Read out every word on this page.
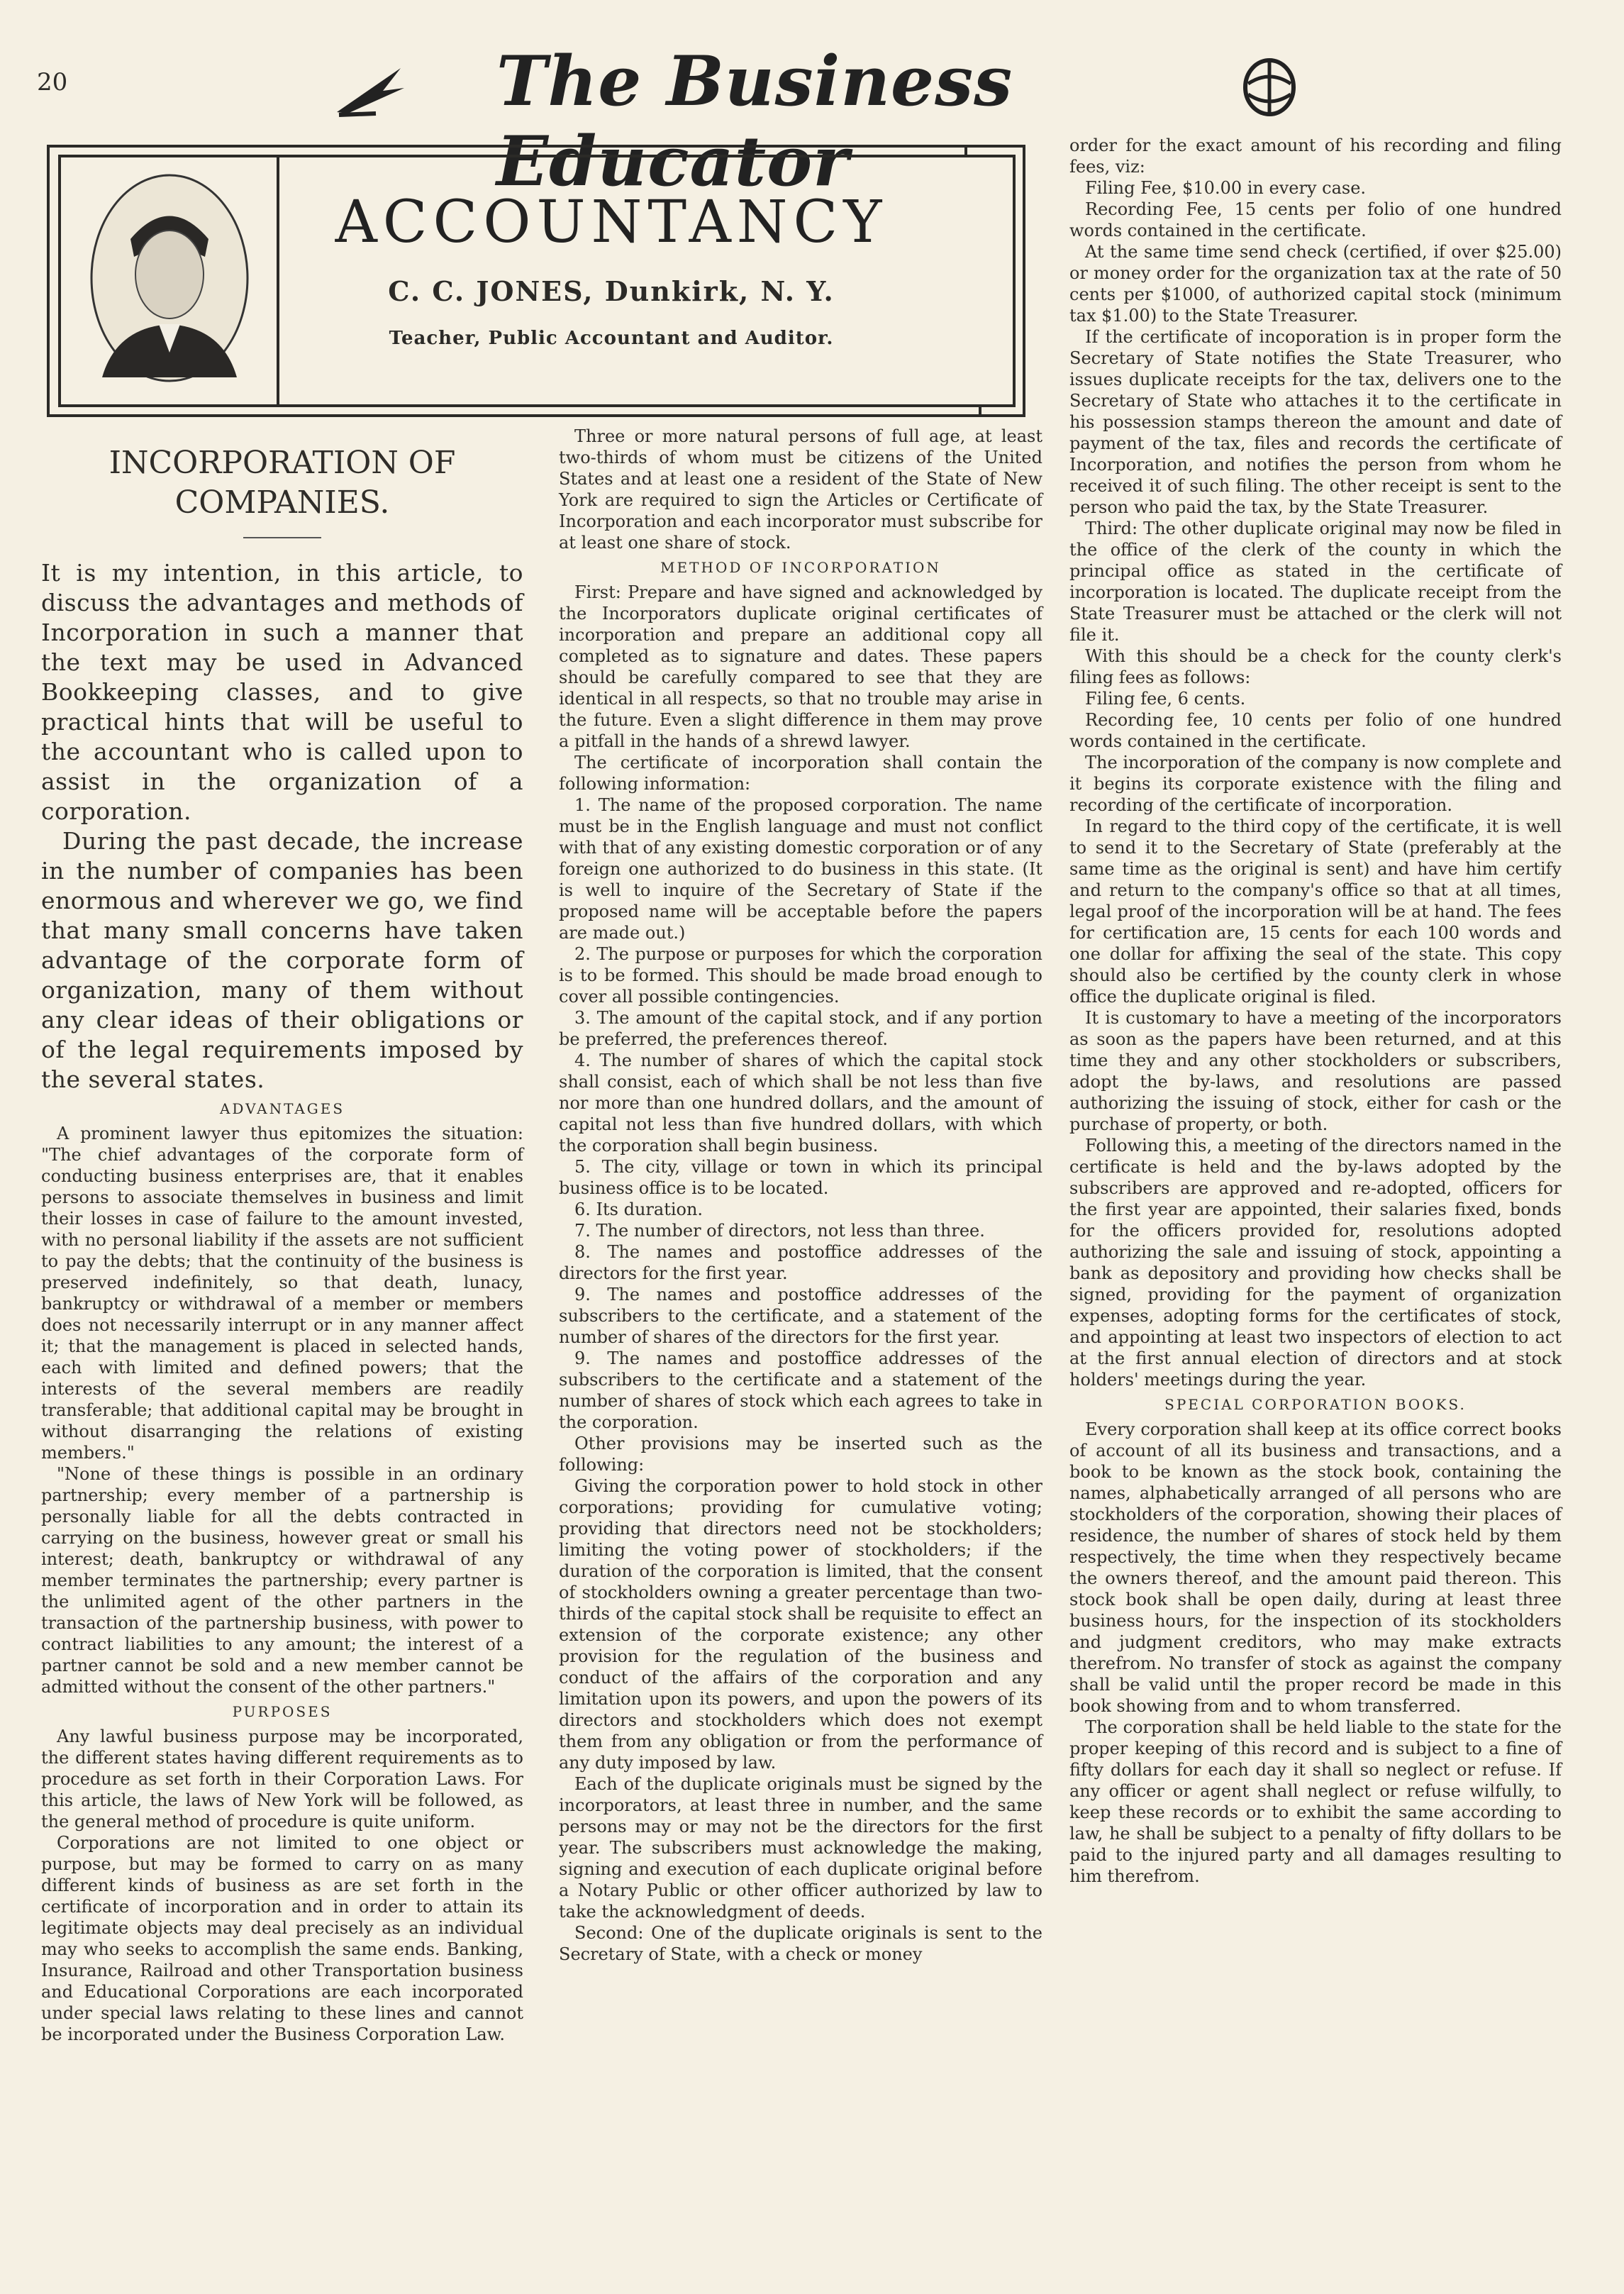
20	The Business Educator
ACCOUNTANCY
C. C. JONES, Dunkirk, N. Y.
Teacher, Public Accountant and Auditor.
INCORPORATION OF COMPANIES.

It is my intention, in this article, to discuss the advantages and methods of Incorporation in such a manner that the text may be used in Advanced Bookkeeping classes, and to give practical hints that will be useful to the accountant who is called upon to assist in the organization of a corporation.

During the past decade, the increase in the number of companies has been enormous and wherever we go, we find that many small concerns have taken advantage of the corporate form of organization, many of them without any clear ideas of their obligations or of the legal requirements imposed by the several states.

ADVANTAGES

A prominent lawyer thus epitomizes the situation: "The chief advantages of the corporate form of conducting business enterprises are, that it enables persons to associate themselves in business and limit their losses in case of failure to the amount invested, with no personal liability if the assets are not sufficient to pay the debts; that the continuity of the business is preserved indefinitely, so that death, lunacy, bankruptcy or withdrawal of a member or members does not necessarily interrupt or in any manner affect it; that the management is placed in selected hands, each with limited and defined powers; that the interests of the several members are readily transferable; that additional capital may be brought in without disarranging the relations of existing members."

"None of these things is possible in an ordinary partnership; every member of a partnership is personally liable for all the debts contracted in carrying on the business, however great or small his interest; death, bankruptcy or withdrawal of any member terminates the partnership; every partner is the unlimited agent of the other partners in the transaction of the partnership business, with power to contract liabilities to any amount; the interest of a partner cannot be sold and a new member cannot be admitted without the consent of the other partners."

PURPOSES

Any lawful business purpose may be incorporated, the different states having different requirements as to procedure as set forth in their Corporation Laws. For this article, the laws of New York will be followed, as the general method of procedure is quite uniform.

Corporations are not limited to one object or purpose, but may be formed to carry on as many different kinds of business as are set forth in the certificate of incorporation and in order to attain its legitimate objects may deal precisely as an individual may who seeks to accomplish the same ends. Banking, Insurance, Railroad and other Transportation business and Educational Corporations are each incorporated under special laws relating to these lines and cannot be incorporated under the Business Corporation Law.

Three or more natural persons of full age, at least two-thirds of whom must be citizens of the United States and at least one a resident of the State of New York are required to sign the Articles or Certificate of Incorporation and each incorporator must subscribe for at least one share of stock.

METHOD OF INCORPORATION

First: Prepare and have signed and acknowledged by the Incorporators duplicate original certificates of incorporation and prepare an additional copy all completed as to signature and dates. These papers should be carefully compared to see that they are identical in all respects, so that no trouble may arise in the future. Even a slight difference in them may prove a pitfall in the hands of a shrewd lawyer.

The certificate of incorporation shall contain the following information:

1. The name of the proposed corporation. The name must be in the English language and must not conflict with that of any existing domestic corporation or of any foreign one authorized to do business in this state. (It is well to inquire of the Secretary of State if the proposed name will be acceptable before the papers are made out.)

2. The purpose or purposes for which the corporation is to be formed. This should be made broad enough to cover all possible contingencies.

3. The amount of the capital stock, and if any portion be preferred, the preferences thereof.

4. The number of shares of which the capital stock shall consist, each of which shall be not less than five nor more than one hundred dollars, and the amount of capital not less than five hundred dollars, with which the corporation shall begin business.

5. The city, village or town in which its principal business office is to be located.

6. Its duration.

7. The number of directors, not less than three.

8. The names and postoffice addresses of the directors for the first year.

9. The names and postoffice addresses of the subscribers to the certificate, and a statement of the number of shares of the directors for the first year.

9. The names and postoffice addresses of the subscribers to the certificate and a statement of the number of shares of stock which each agrees to take in the corporation.

Other provisions may be inserted such as the following:

Giving the corporation power to hold stock in other corporations; providing for cumulative voting; providing that directors need not be stockholders; limiting the voting power of stockholders; if the duration of the corporation is limited, that the consent of stockholders owning a greater percentage than two-thirds of the capital stock shall be requisite to effect an extension of the corporate existence; any other provision for the regulation of the business and conduct of the affairs of the corporation and any limitation upon its powers, and upon the powers of its directors and stockholders which does not exempt them from any obligation or from the performance of any duty imposed by law.

Each of the duplicate originals must be signed by the incorporators, at least three in number, and the same persons may or may not be the directors for the first year. The subscribers must acknowledge the making, signing and execution of each duplicate original before a Notary Public or other officer authorized by law to take the acknowledgment of deeds.

Second: One of the duplicate originals is sent to the Secretary of State, with a check or money

order for the exact amount of his recording and filing fees, viz:

Filing Fee, $10.00 in every case.

Recording Fee, 15 cents per folio of one hundred words contained in the certificate.

At the same time send check (certified, if over $25.00) or money order for the organization tax at the rate of 50 cents per $1000, of authorized capital stock (minimum tax $1.00) to the State Treasurer.

If the certificate of incoporation is in proper form the Secretary of State notifies the State Treasurer, who issues duplicate receipts for the tax, delivers one to the Secretary of State who attaches it to the certificate in his possession stamps thereon the amount and date of payment of the tax, files and records the certificate of Incorporation, and notifies the person from whom he received it of such filing. The other receipt is sent to the person who paid the tax, by the State Treasurer.

Third: The other duplicate original may now be filed in the office of the clerk of the county in which the principal office as stated in the certificate of incorporation is located. The duplicate receipt from the State Treasurer must be attached or the clerk will not file it.

With this should be a check for the county clerk's filing fees as follows:

Filing fee, 6 cents.

Recording fee, 10 cents per folio of one hundred words contained in the certificate.

The incorporation of the company is now complete and it begins its corporate existence with the filing and recording of the certificate of incorporation.

In regard to the third copy of the certificate, it is well to send it to the Secretary of State (preferably at the same time as the original is sent) and have him certify and return to the company's office so that at all times, legal proof of the incorporation will be at hand. The fees for certification are, 15 cents for each 100 words and one dollar for affixing the seal of the state. This copy should also be certified by the county clerk in whose office the duplicate original is filed.

It is customary to have a meeting of the incorporators as soon as the papers have been returned, and at this time they and any other stockholders or subscribers, adopt the by-laws, and resolutions are passed authorizing the issuing of stock, either for cash or the purchase of property, or both.

Following this, a meeting of the directors named in the certificate is held and the by-laws adopted by the subscribers are approved and re-adopted, officers for the first year are appointed, their salaries fixed, bonds for the officers provided for, resolutions adopted authorizing the sale and issuing of stock, appointing a bank as depository and providing how checks shall be signed, providing for the payment of organization expenses, adopting forms for the certificates of stock, and appointing at least two inspectors of election to act at the first annual election of directors and at stock holders' meetings during the year.

SPECIAL CORPORATION BOOKS.

Every corporation shall keep at its office correct books of account of all its business and transactions, and a book to be known as the stock book, containing the names, alphabetically arranged of all persons who are stockholders of the corporation, showing their places of residence, the number of shares of stock held by them respectively, the time when they respectively became the owners thereof, and the amount paid thereon. This stock book shall be open daily, during at least three business hours, for the inspection of its stockholders and judgment creditors, who may make extracts therefrom. No transfer of stock as against the company shall be valid until the proper record be made in this book showing from and to whom transferred.

The corporation shall be held liable to the state for the proper keeping of this record and is subject to a fine of fifty dollars for each day it shall so neglect or refuse. If any officer or agent shall neglect or refuse wilfully, to keep these records or to exhibit the same according to law, he shall be subject to a penalty of fifty dollars to be paid to the injured party and all damages resulting to him therefrom.
